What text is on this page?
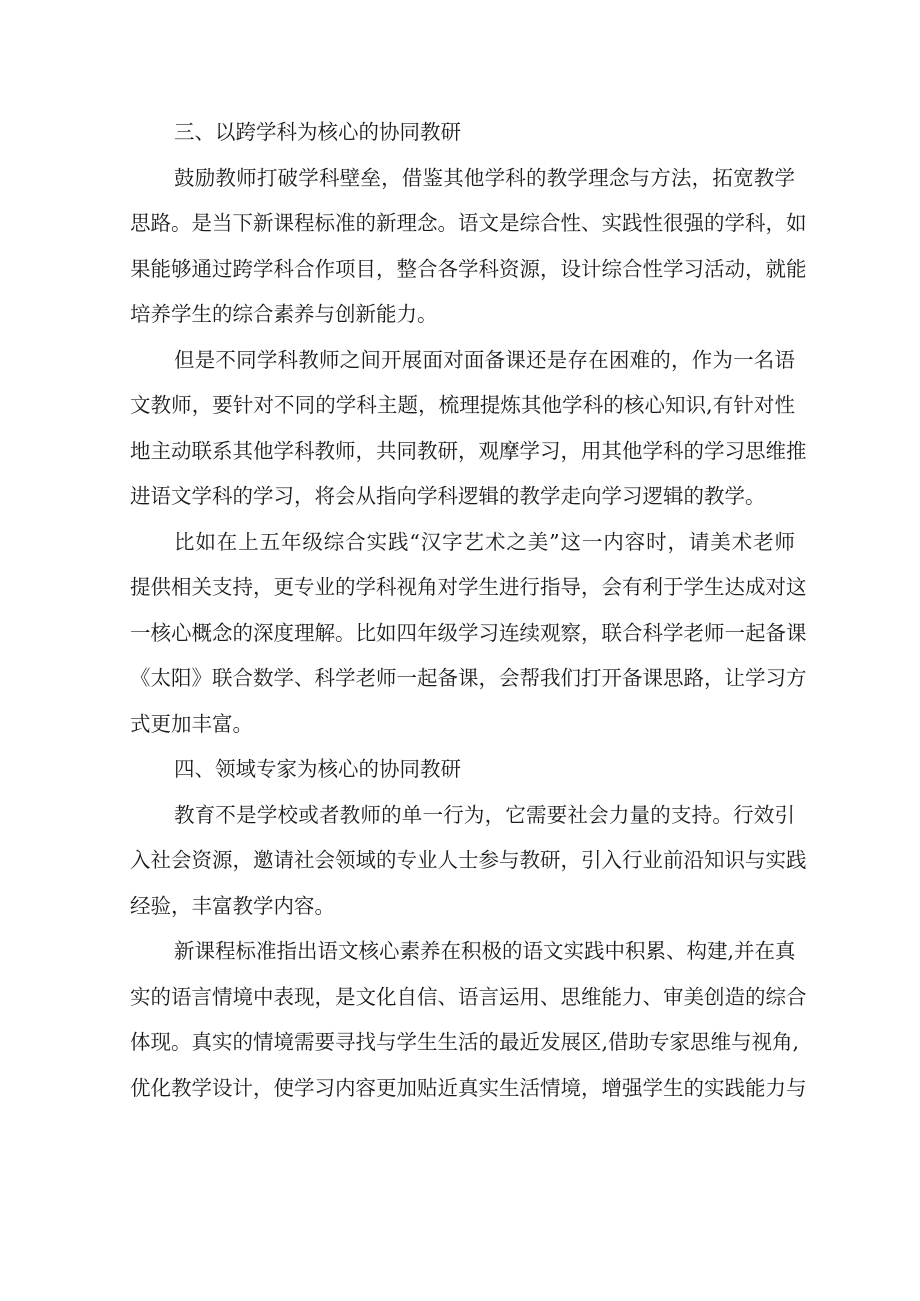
三、以跨学科为核心的协同教研
鼓励教师打破学科壁垒，借鉴其他学科的教学理念与方法，拓宽教学
思路。是当下新课程标准的新理念。语文是综合性、实践性很强的学科，如
果能够通过跨学科合作项目，整合各学科资源，设计综合性学习活动，就能
培养学生的综合素养与创新能力。
但是不同学科教师之间开展面对面备课还是存在困难的，作为一名语
文教师，要针对不同的学科主题，梳理提炼其他学科的核心知识,有针对性
地主动联系其他学科教师，共同教研，观摩学习，用其他学科的学习思维推
进语文学科的学习，将会从指向学科逻辑的教学走向学习逻辑的教学。
比如在上五年级综合实践“汉字艺术之美”这一内容时，请美术老师
提供相关支持，更专业的学科视角对学生进行指导，会有利于学生达成对这
一核心概念的深度理解。比如四年级学习连续观察，联合科学老师一起备课
《太阳》联合数学、科学老师一起备课，会帮我们打开备课思路，让学习方
式更加丰富。
四、领域专家为核心的协同教研
教育不是学校或者教师的单一行为，它需要社会力量的支持。行效引
入社会资源，邀请社会领域的专业人士参与教研，引入行业前沿知识与实践
经验，丰富教学内容。
新课程标准指出语文核心素养在积极的语文实践中积累、构建,并在真
实的语言情境中表现，是文化自信、语言运用、思维能力、审美创造的综合
体现。真实的情境需要寻找与学生生活的最近发展区,借助专家思维与视角,
优化教学设计，使学习内容更加贴近真实生活情境，增强学生的实践能力与
